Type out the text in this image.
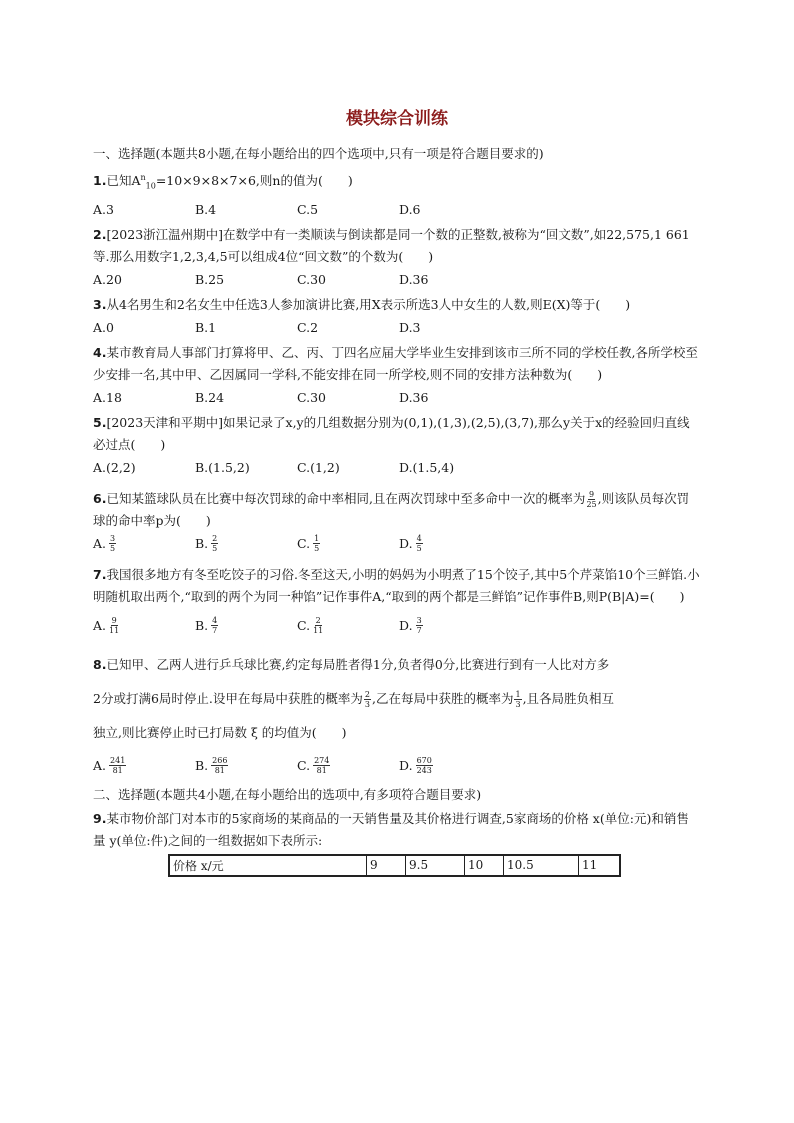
模块综合训练
一、选择题(本题共8小题,在每小题给出的四个选项中,只有一项是符合题目要求的)

1.已知$A^n_{10}=10\times 9\times 8\times 7\times 6$,则n的值为(　　)

A.3	B.4	C.5	D.6

2.[2023浙江温州期中]在数学中有一类顺读与倒读都是同一个数的正整数,被称为“回文数”,如22,575,1 661等.那么用数字1,2,3,4,5可以组成4位“回文数”的个数为(　　)

A.20	B.25	C.30	D.36

3.从4名男生和2名女生中任选3人参加演讲比赛,用X表示所选3人中女生的人数,则E(X)等于(　　)

A.0	B.1	C.2	D.3

4.某市教育局人事部门打算将甲、乙、丙、丁四名应届大学毕业生安排到该市三所不同的学校任教,各所学校至少安排一名,其中甲、乙因属同一学科,不能安排在同一所学校,则不同的安排方法种数为(　　)

A.18	B.24	C.30	D.36

5.[2023天津和平期中]如果记录了x,y的几组数据分别为(0,1),(1,3),(2,5),(3,7),那么y关于x的经验回归直线必过点(　　)

A.(2,2)	B.(1.5,2)	C.(1,2)	D.(1.5,4)

6.已知某篮球队员在比赛中每次罚球的命中率相同,且在两次罚球中至多命中一次的概率为 $\frac{9}{25}$ ,则该队员每次罚球的命中率p为(　　)

A. $\frac{3}{5}$	B. $\frac{2}{5}$	C. $\frac{1}{5}$	D. $\frac{4}{5}$

7.我国很多地方有冬至吃饺子的习俗.冬至这天,小明的妈妈为小明煮了15个饺子,其中5个芹菜馅10个三鲜馅.小明随机取出两个,“取到的两个为同一种馅”记作事件A,“取到的两个都是三鲜馅”记作事件B,则P(B|A)=(　　)

A. $\frac{9}{11}$	B. $\frac{4}{7}$	C. $\frac{2}{11}$	D. $\frac{3}{7}$

8.已知甲、乙两人进行乒乓球比赛,约定每局胜者得1分,负者得0分,比赛进行到有一人比对方多
2分或打满6局时停止.设甲在每局中获胜的概率为 $\frac{2}{3}$ ,乙在每局中获胜的概率为 $\frac{1}{3}$ ,且各局胜负相互
独立,则比赛停止时已打局数 ξ 的均值为(　　)

A. $\frac{241}{81}$	B. $\frac{266}{81}$	C. $\frac{274}{81}$	D. $\frac{670}{243}$
二、选择题(本题共4小题,在每小题给出的选项中,有多项符合题目要求)

9.某市物价部门对本市的5家商场的某商品的一天销售量及其价格进行调查,5家商场的价格 x(单位:元)和销售量 y(单位:件)之间的一组数据如下表所示:

价格 x/元	9	9.5	10	10.5	11
